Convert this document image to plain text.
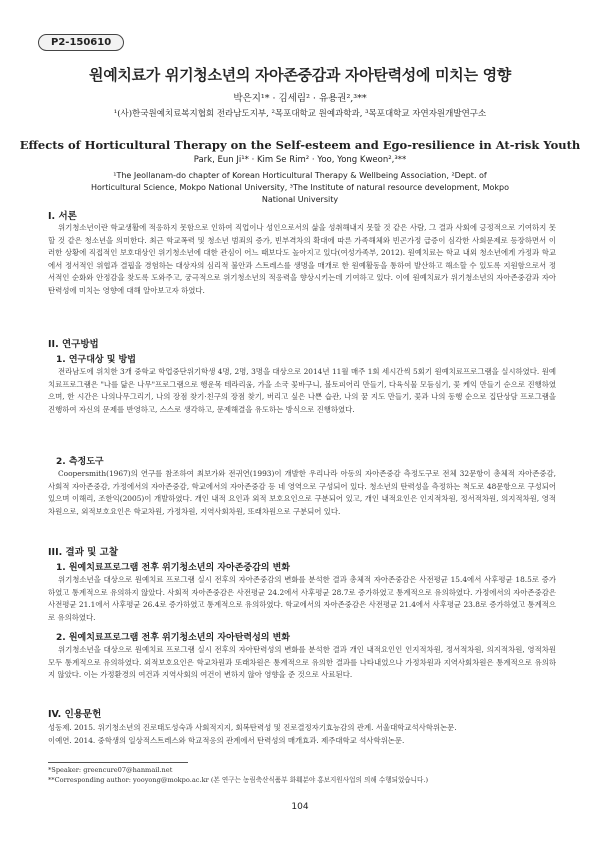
P2-150610
원예치료가 위기청소년의 자아존중감과 자아탄력성에 미치는 영향
박은지¹* · 김세림² · 유용권²,³**
¹(사)한국원예치료복지협회 전라남도지부, ²목포대학교 원예과학과, ³목포대학교 자연자원개발연구소
Effects of Horticultural Therapy on the Self-esteem and Ego-resilience in At-risk Youth
Park, Eun Ji¹* · Kim Se Rim² · Yoo, Yong Kweon²,³**
¹The Jeollanam-do chapter of Korean Horticultural Therapy & Wellbeing Association, ²Dept. of Horticultural Science, Mokpo National University, ³The Institute of natural resource development, Mokpo National University
I. 서론
위기청소년이란 학교생활에 적응하지 못함으로 인하여 직업이나 성인으로서의 삶을 성취해내지 못할 것 같은 사람, 그 결과 사회에 긍정적으로 기여하지 못할 것 같은 청소년을 의미한다. 최근 학교폭력 및 청소년 범죄의 증가, 빈부격차의 확대에 따른 가족해체와 빈곤가정 급증이 심각한 사회문제로 등장하면서 이러한 상황에 직접적인 보호대상인 위기청소년에 대한 관심이 어느 때보다도 높아지고 있다(여성가족부, 2012). 원예치료는 학교 내외 청소년에게 가정과 학교에서 정서적인 위협과 결핍을 경험하는 대상자의 심리적 불안과 스트레스를 생명을 매개로 한 원예활동을 통하여 발산하고 해소할 수 있도록 지원함으로서 정서적인 순화와 안정감을 찾도록 도와주고, 궁극적으로 위기청소년의 적응력을 향상시키는데 기여하고 있다. 이에 원예치료가 위기청소년의 자아존중감과 자아탄력성에 미치는 영향에 대해 알아보고자 하였다.
II. 연구방법
1. 연구대상 및 방법
전라남도에 위치한 3개 중학교 학업중단위기학생 4명, 2명, 3명을 대상으로 2014년 11월 매주 1회 세시간씩 5회기 원예치료프로그램을 실시하였다. 원예치료프로그램은 "나를 닮은 나무"프로그램으로 행운목 테라리움, 가을 소국 꽃바구니, 볼토피어리 만들기, 다육식물 모듬심기, 꽃 케익 만들기 순으로 진행하였으며, 한 시간은 나의나무그리기, 나의 장점 찾기·친구의 장점 찾기, 버리고 싶은 나쁜 습관, 나의 꿈 지도 만들기, 꽃과 나의 동행 순으로 집단상담 프로그램을 진행하여 자신의 문제를 반영하고, 스스로 생각하고, 문제해결을 유도하는 방식으로 진행하였다.
2. 측정도구
Coopersmith(1967)의 연구를 참조하여 최보가와 전귀연(1993)이 개발한 우리나라 아동의 자아존중감 측정도구로 전체 32문항이 총체적 자아존중감, 사회적 자아존중감, 가정에서의 자아존중감, 학교에서의 자아존중감 등 네 영역으로 구성되어 있다. 청소년의 탄력성을 측정하는 척도로 48문항으로 구성되어 있으며 이해리, 조한익(2005)이 개발하였다. 개인 내적 요인과 외적 보호요인으로 구분되어 있고, 개인 내적요인은 인지적차원, 정서적차원, 의지적차원, 영적차원으로, 외적보호요인은 학교차원, 가정차원, 지역사회차원, 또래차원으로 구분되어 있다.
III. 결과 및 고찰
1. 원예치료프로그램 전후 위기청소년의 자아존중감의 변화
위기청소년을 대상으로 원예치료 프로그램 실시 전후의 자아존중감의 변화를 분석한 결과 총체적 자아존중감은 사전평균 15.4에서 사후평균 18.5로 증가하였고 통계적으로 유의하지 않았다. 사회적 자아존중감은 사전평균 24.2에서 사후평균 28.7로 증가하였고 통계적으로 유의하였다. 가정에서의 자아존중감은 사전평균 21.1에서 사후평균 26.4로 증가하였고 통계적으로 유의하였다. 학교에서의 자아존중감은 사전평균 21.4에서 사후평균 23.8로 증가하였고 통계적으로 유의하였다.
2. 원예치료프로그램 전후 위기청소년의 자아탄력성의 변화
위기청소년을 대상으로 원예치료 프로그램 실시 전후의 자아탄력성의 변화를 분석한 결과 개인 내적요인인 인지적차원, 정서적차원, 의지적차원, 영적차원 모두 통계적으로 유의하였다. 외적보호요인은 학교차원과 또래차원은 통계적으로 유의한 결과를 나타내었으나 가정차원과 지역사회차원은 통계적으로 유의하지 않았다. 이는 가정환경의 여건과 지역사회의 여건이 변하지 않아 영향을 준 것으로 사료된다.
IV. 인용문헌
성동제. 2015. 위기청소년의 진로태도성숙과 사회적지지, 회복탄력성 및 진로결정자기효능감의 관계. 서울대학교석사학위논문.
이예연. 2014. 중학생의 일상적스트레스와 학교적응의 관계에서 탄력성의 매개효과. 제주대학교 석사학위논문.
*Speaker: greencure07@hanmail.net
**Corresponding author: yooyong@mokpo.ac.kr (본 연구는 농림축산식품부 화훼분야 홍보지원사업의 의해 수행되었습니다.)
104
